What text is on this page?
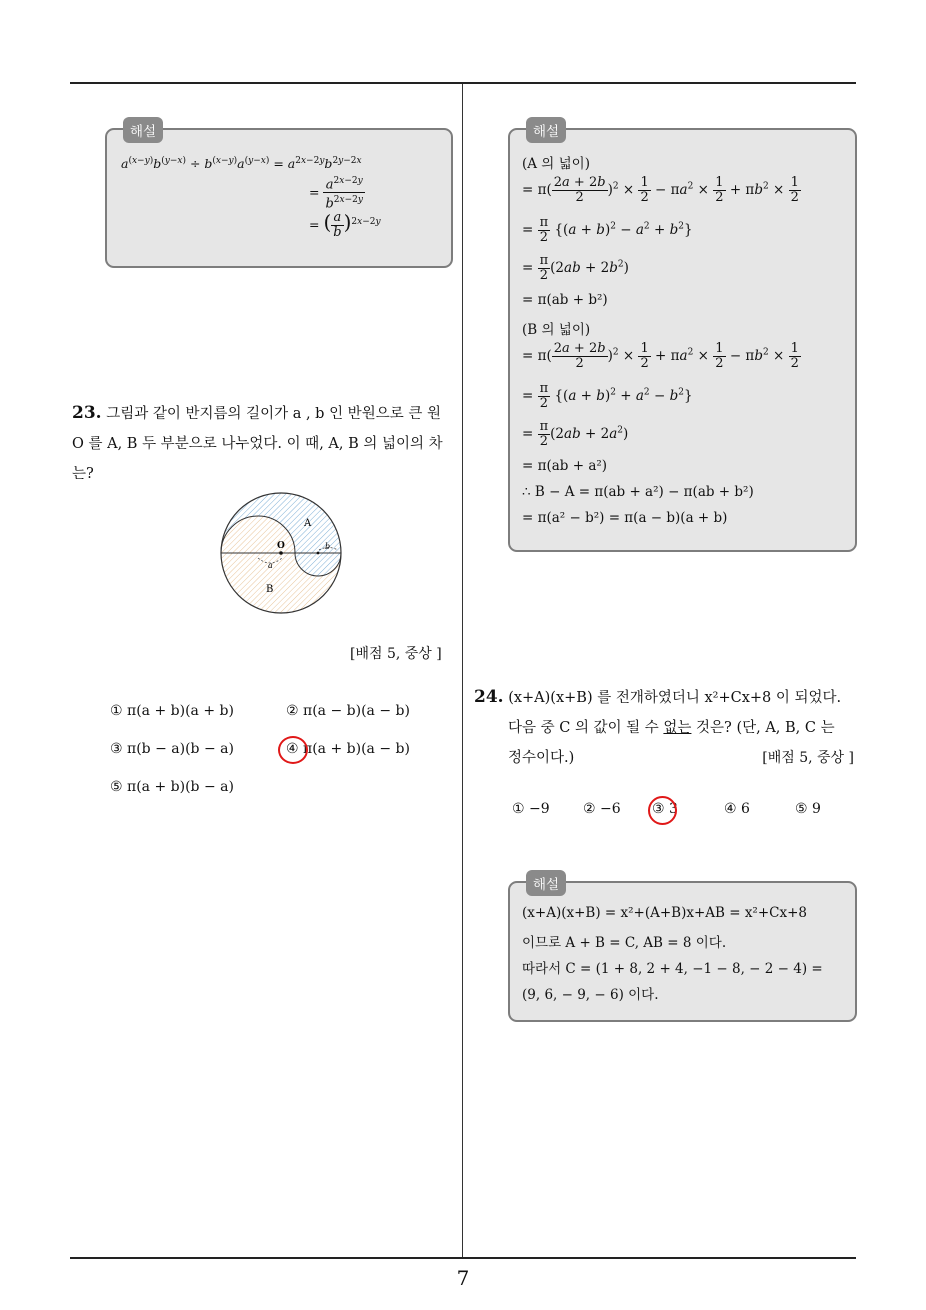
7
해설
$a^{(x-y)}b^{(y-x)} \div b^{(x-y)}a^{(y-x)} = a^{2x-2y}b^{2y-2x}$
= $\frac{a^{2x-2y}}{b^{2x-2y}}$
= ( $\frac{a}{b} )^{2x-2y}$
23. 그림과 같이 반지름의 길이가 a , b 인 반원으로 큰 원 O 를 A, B 두 부분으로 나누었다. 이 때, A, B 의 넓이의 차는?
O
a
b
A
B
[배점 5, 중상 ]
① π(a + b)(a + b)	② π(a − b)(a − b)
③ π(b − a)(b − a)	④ π(a + b)(a − b)
⑤ π(a + b)(b − a)
해설
(A 의 넓이)
= $\pi( \frac{2a + 2b}{2} )^2 \times \frac{1}{2} - \pi a^2 \times \frac{1}{2} + \pi b^2 \times \frac{1}{2}$
= $\frac{\pi}{2} \{(a + b)^2 - a^2 + b^2\}$
= $\frac{\pi}{2} (2ab + 2b^2)$
= π(ab + b²)
(B 의 넓이)
= $\pi( \frac{2a + 2b}{2} )^2 \times \frac{1}{2} + \pi a^2 \times \frac{1}{2} - \pi b^2 \times \frac{1}{2}$
= $\frac{\pi}{2} \{(a + b)^2 + a^2 - b^2\}$
= $\frac{\pi}{2} (2ab + 2a^2)$
= π(ab + a²)
∴ B − A = π(ab + a²) − π(ab + b²)
= π(a² − b²) = π(a − b)(a + b)
24. (x+A)(x+B) 를 전개하였더니 x²+Cx+8 이 되었다.
다음 중 C 의 값이 될 수 없는 것은? (단, A, B, C 는
정수이다.)	[배점 5, 중상 ]
① −9 ② −6 ③ 3	④ 6	⑤ 9
해설
(x+A)(x+B) = x²+(A+B)x+AB = x²+Cx+8
이므로 A + B = C, AB = 8 이다.
따라서 C = (1 + 8, 2 + 4, −1 − 8, − 2 − 4) =
(9, 6, − 9, − 6) 이다.
